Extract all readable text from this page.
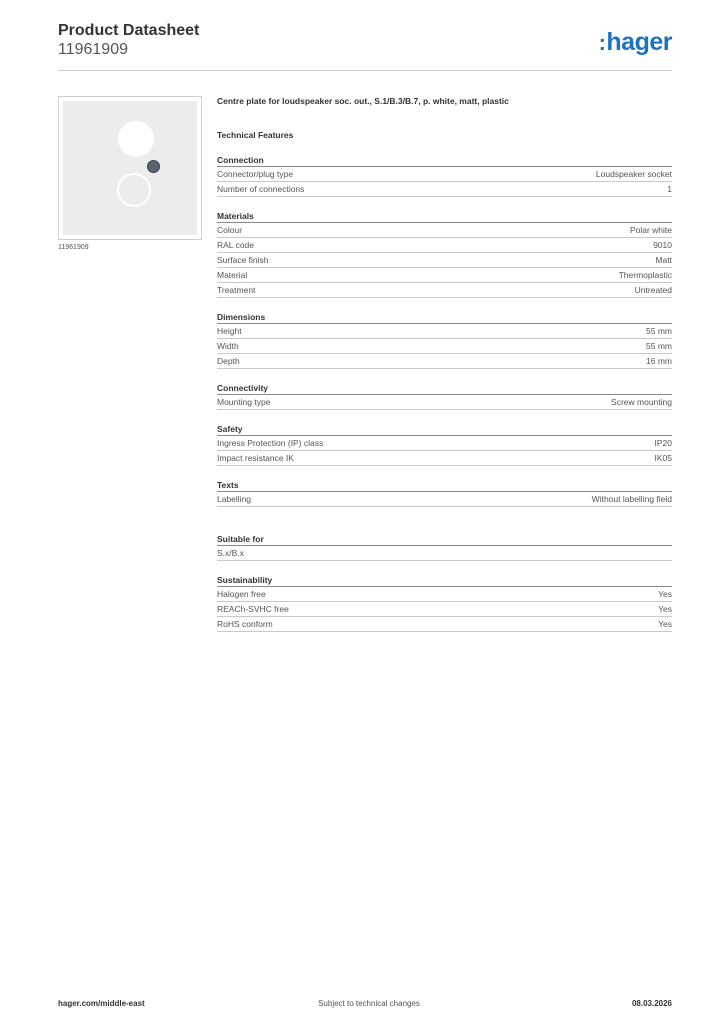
Product Datasheet
11961909	:hager
11961909
Centre plate for loudspeaker soc. out., S.1/B.3/B.7, p. white, matt, plastic
Technical Features
Connection
Connector/plug type	Loudspeaker socket
Number of connections	1
Materials
Colour	Polar white
RAL code	9010
Surface finish	Matt
Material	Thermoplastic
Treatment	Untreated
Dimensions
Height	55 mm
Width	55 mm
Depth	16 mm
Connectivity
Mounting type	Screw mounting
Safety
Ingress Protection (IP) class	IP20
Impact resistance IK	IK05
Texts
Labelling	Without labelling field
Suitable for
S.x/B.x
Sustainability
Halogen free	Yes
REACh-SVHC free	Yes
RoHS conform	Yes
hager.com/middle-east	Subject to technical changes	08.03.2026
